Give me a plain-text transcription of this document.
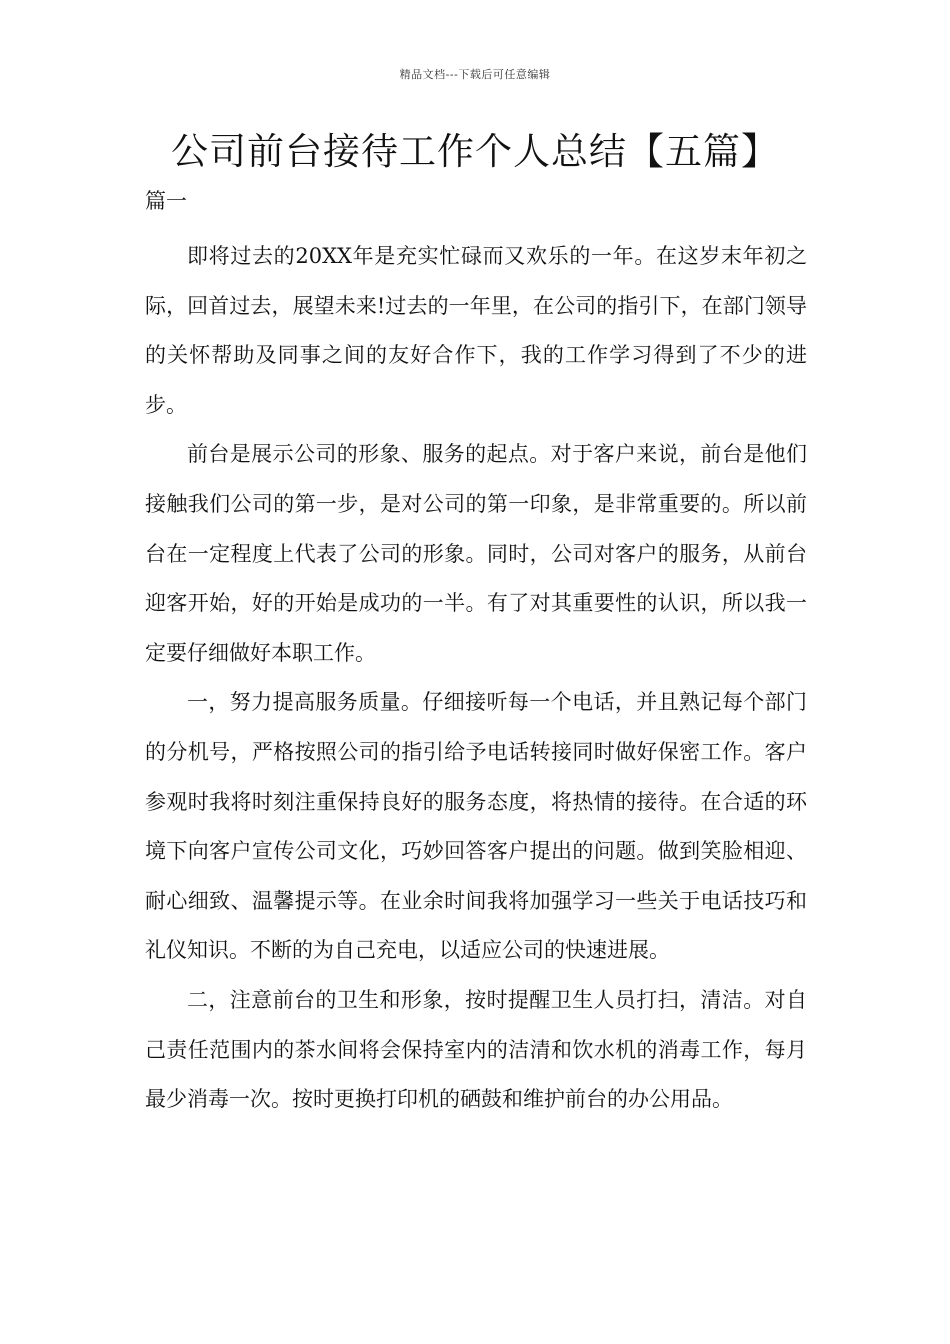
精品文档---下载后可任意编辑
公司前台接待工作个人总结【五篇】
篇一

即将过去的20XX年是充实忙碌而又欢乐的一年。在这岁末年初之际，回首过去，展望未来!过去的一年里，在公司的指引下，在部门领导的关怀帮助及同事之间的友好合作下，我的工作学习得到了不少的进步。

前台是展示公司的形象、服务的起点。对于客户来说，前台是他们接触我们公司的第一步，是对公司的第一印象，是非常重要的。所以前台在一定程度上代表了公司的形象。同时，公司对客户的服务，从前台迎客开始，好的开始是成功的一半。有了对其重要性的认识，所以我一定要仔细做好本职工作。

一，努力提高服务质量。仔细接听每一个电话，并且熟记每个部门的分机号，严格按照公司的指引给予电话转接同时做好保密工作。客户参观时我将时刻注重保持良好的服务态度，将热情的接待。在合适的环境下向客户宣传公司文化，巧妙回答客户提出的问题。做到笑脸相迎、耐心细致、温馨提示等。在业余时间我将加强学习一些关于电话技巧和礼仪知识。不断的为自己充电，以适应公司的快速进展。

二，注意前台的卫生和形象，按时提醒卫生人员打扫，清洁。对自己责任范围内的茶水间将会保持室内的洁清和饮水机的消毒工作，每月最少消毒一次。按时更换打印机的硒鼓和维护前台的办公用品。
